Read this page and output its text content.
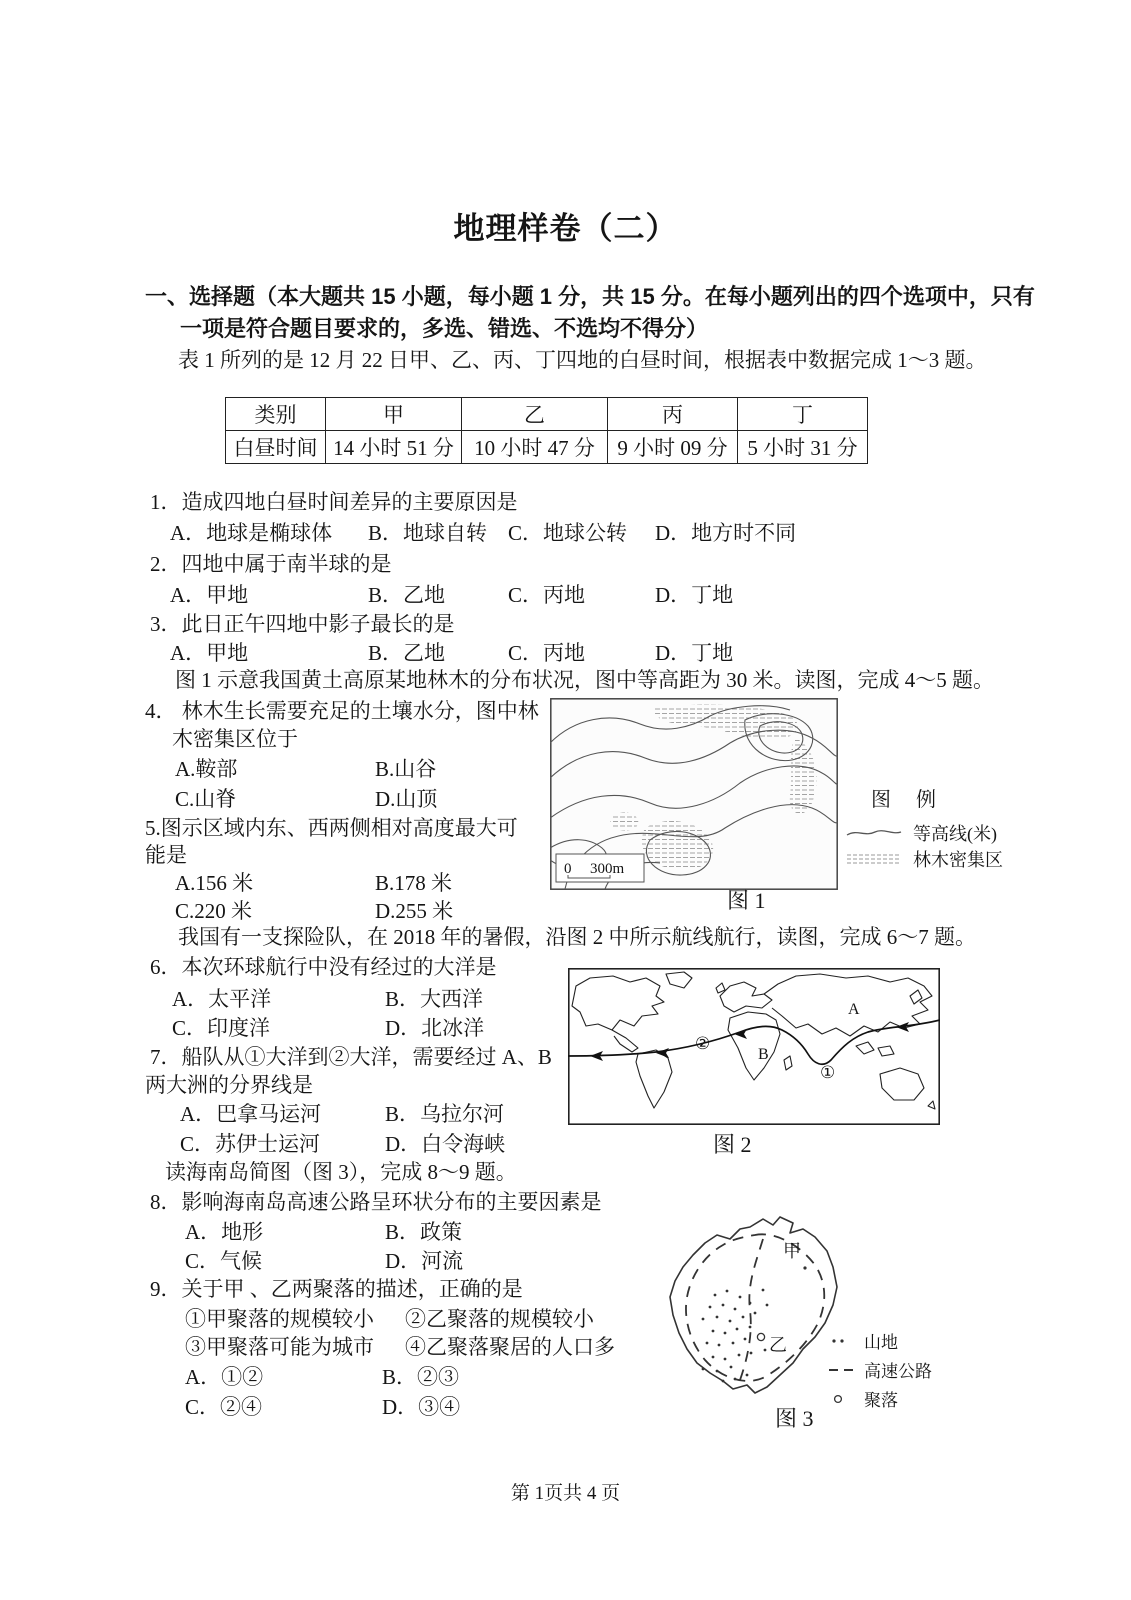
地理样卷（二）
一、选择题（本大题共 15 小题，每小题 1 分，共 15 分。在每小题列出的四个选项中，只有
一项是符合题目要求的，多选、错选、不选均不得分）
表 1 所列的是 12 月 22 日甲、乙、丙、丁四地的白昼时间，根据表中数据完成 1～3 题。
类别	甲	乙	丙	丁
白昼时间	14 小时 51 分	10 小时 47 分	9 小时 09 分	5 小时 31 分
1．造成四地白昼时间差异的主要原因是
A．地球是椭球体 B．地球自转 C．地球公转 D．地方时不同
2．四地中属于南半球的是
A．甲地	B．乙地	C．丙地	D．丁地
3．此日正午四地中影子最长的是
A．甲地	B．乙地	C．丙地	D．丁地
图 1 示意我国黄土高原某地林木的分布状况，图中等高距为 30 米。读图，完成 4～5 题。
4． 林木生长需要充足的土壤水分，图中林
木密集区位于
A.鞍部	B.山谷
C.山脊	D.山顶
5.图示区域内东、西两侧相对高度最大可
能是
A.156 米	B.178 米
C.220 米	D.255 米
0 300m
图 例
等高线(米)
林木密集区
图 1
我国有一支探险队，在 2018 年的暑假，沿图 2 中所示航线航行，读图，完成 6～7 题。
6．本次环球航行中没有经过的大洋是
A．太平洋	B．大西洋
C．印度洋	D．北冰洋
7．船队从①大洋到②大洋，需要经过 A、B
两大洲的分界线是
A．巴拿马运河	B．乌拉尔河
C．苏伊士运河	D．白令海峡
A
B
①
②
图 2
读海南岛简图（图 3），完成 8～9 题。
8．影响海南岛高速公路呈环状分布的主要因素是
A．地形	B．政策
C．气候	D．河流
9．关于甲 、乙两聚落的描述，正确的是
①甲聚落的规模较小 ②乙聚落的规模较小
③甲聚落可能为城市 ④乙聚落聚居的人口多
A．①②	B．②③
C．②④	D．③④
甲
乙	山地
高速公路
聚落
图 3
第 1页共 4 页
